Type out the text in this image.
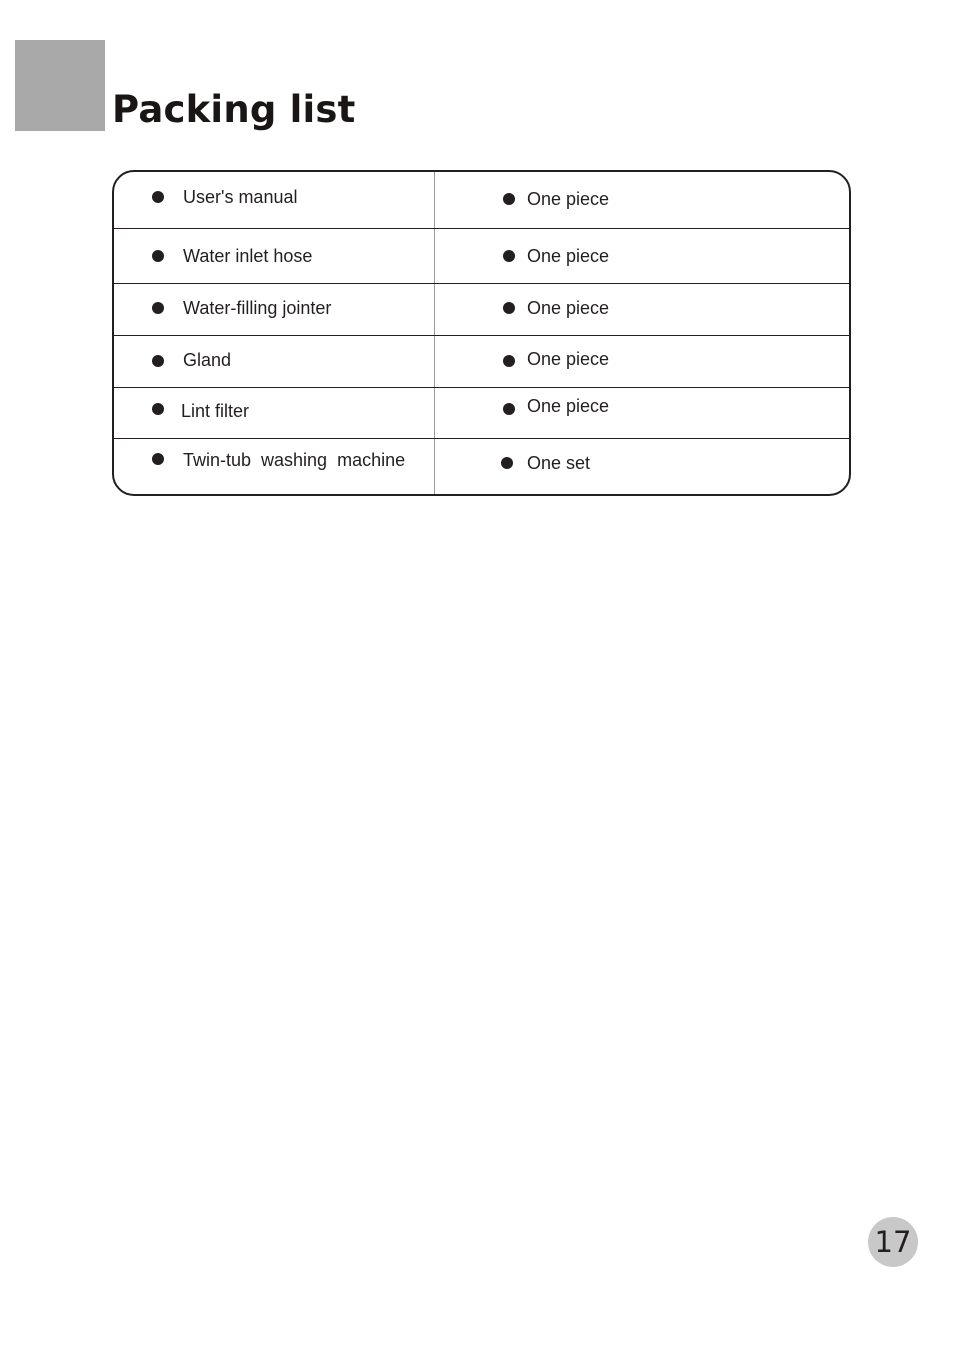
Packing list
User's manual	One piece
Water inlet hose	One piece
Water-filling jointer	One piece
Gland	One piece
Lint filter	One piece
Twin-tub  washing  machine	One set
17
